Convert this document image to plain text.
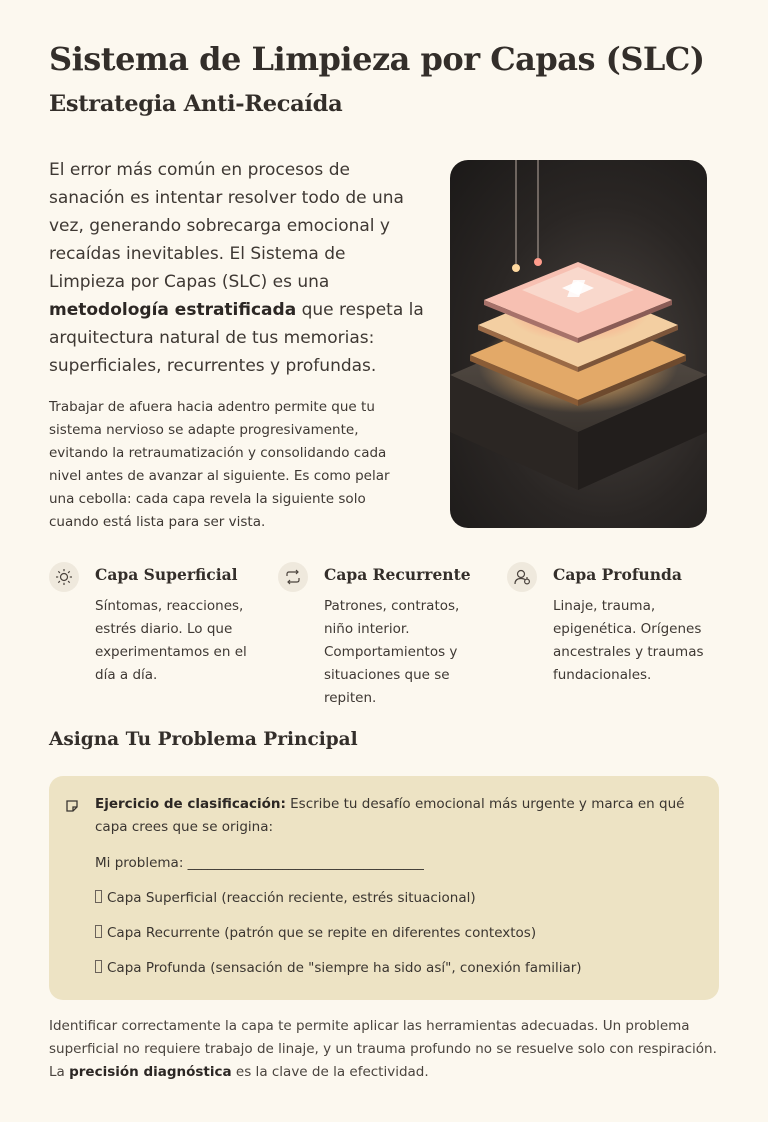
Sistema de Limpieza por Capas (SLC)
Estrategia Anti-Recaída

El error más común en procesos de sanación es intentar resolver todo de una vez, generando sobrecarga emocional y recaídas inevitables. El Sistema de Limpieza por Capas (SLC) es una metodología estratificada que respeta la arquitectura natural de tus memorias: superficiales, recurrentes y profundas.

Trabajar de afuera hacia adentro permite que tu sistema nervioso se adapte progresivamente, evitando la retraumatización y consolidando cada nivel antes de avanzar al siguiente. Es como pelar una cebolla: cada capa revela la siguiente solo cuando está lista para ser vista.

Capa Superficial

Síntomas, reacciones, estrés diario. Lo que experimentamos en el día a día.

Capa Recurrente

Patrones, contratos, niño interior. Comportamientos y situaciones que se repiten.

Capa Profunda

Linaje, trauma, epigenética. Orígenes ancestrales y traumas fundacionales.

Asigna Tu Problema Principal

Ejercicio de clasificación: Escribe tu desafío emocional más urgente y marca en qué capa crees que se origina:

Mi problema: ___________________________________

Capa Superficial (reacción reciente, estrés situacional)

Capa Recurrente (patrón que se repite en diferentes contextos)

Capa Profunda (sensación de "siempre ha sido así", conexión familiar)

Identificar correctamente la capa te permite aplicar las herramientas adecuadas. Un problema superficial no requiere trabajo de linaje, y un trauma profundo no se resuelve solo con respiración. La precisión diagnóstica es la clave de la efectividad.
